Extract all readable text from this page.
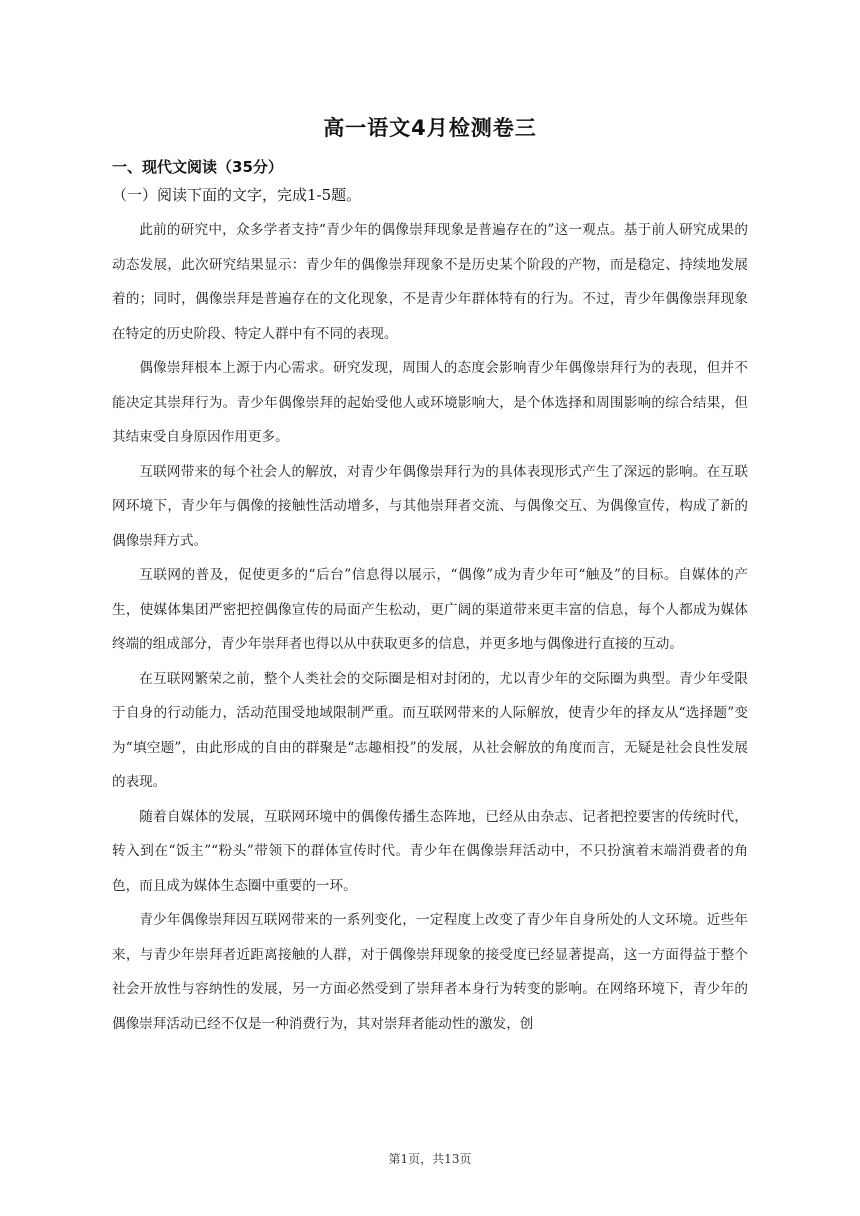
高一语文4月检测卷三
一、现代文阅读（35分）
（一）阅读下面的文字，完成1-5题。

此前的研究中，众多学者支持“青少年的偶像崇拜现象是普遍存在的”这一观点。基于前人研究成果的动态发展，此次研究结果显示：青少年的偶像崇拜现象不是历史某个阶段的产物，而是稳定、持续地发展着的；同时，偶像崇拜是普遍存在的文化现象，不是青少年群体特有的行为。不过，青少年偶像崇拜现象在特定的历史阶段、特定人群中有不同的表现。

偶像崇拜根本上源于内心需求。研究发现，周围人的态度会影响青少年偶像崇拜行为的表现，但并不能决定其崇拜行为。青少年偶像崇拜的起始受他人或环境影响大，是个体选择和周围影响的综合结果，但其结束受自身原因作用更多。

互联网带来的每个社会人的解放，对青少年偶像崇拜行为的具体表现形式产生了深远的影响。在互联网环境下，青少年与偶像的接触性活动增多，与其他崇拜者交流、与偶像交互、为偶像宣传，构成了新的偶像崇拜方式。

互联网的普及，促使更多的“后台”信息得以展示，“偶像”成为青少年可“触及”的目标。自媒体的产生，使媒体集团严密把控偶像宣传的局面产生松动，更广阔的渠道带来更丰富的信息，每个人都成为媒体终端的组成部分，青少年崇拜者也得以从中获取更多的信息，并更多地与偶像进行直接的互动。

在互联网繁荣之前，整个人类社会的交际圈是相对封闭的，尤以青少年的交际圈为典型。青少年受限于自身的行动能力，活动范围受地域限制严重。而互联网带来的人际解放，使青少年的择友从“选择题”变为“填空题”，由此形成的自由的群聚是“志趣相投”的发展，从社会解放的角度而言，无疑是社会良性发展的表现。

随着自媒体的发展，互联网环境中的偶像传播生态阵地，已经从由杂志、记者把控要害的传统时代，转入到在“饭主”“粉头”带领下的群体宣传时代。青少年在偶像崇拜活动中，不只扮演着末端消费者的角色，而且成为媒体生态圈中重要的一环。

青少年偶像崇拜因互联网带来的一系列变化，一定程度上改变了青少年自身所处的人文环境。近些年来，与青少年崇拜者近距离接触的人群，对于偶像崇拜现象的接受度已经显著提高，这一方面得益于整个社会开放性与容纳性的发展，另一方面必然受到了崇拜者本身行为转变的影响。在网络环境下，青少年的偶像崇拜活动已经不仅是一种消费行为，其对崇拜者能动性的激发，创

第1页，共13页
